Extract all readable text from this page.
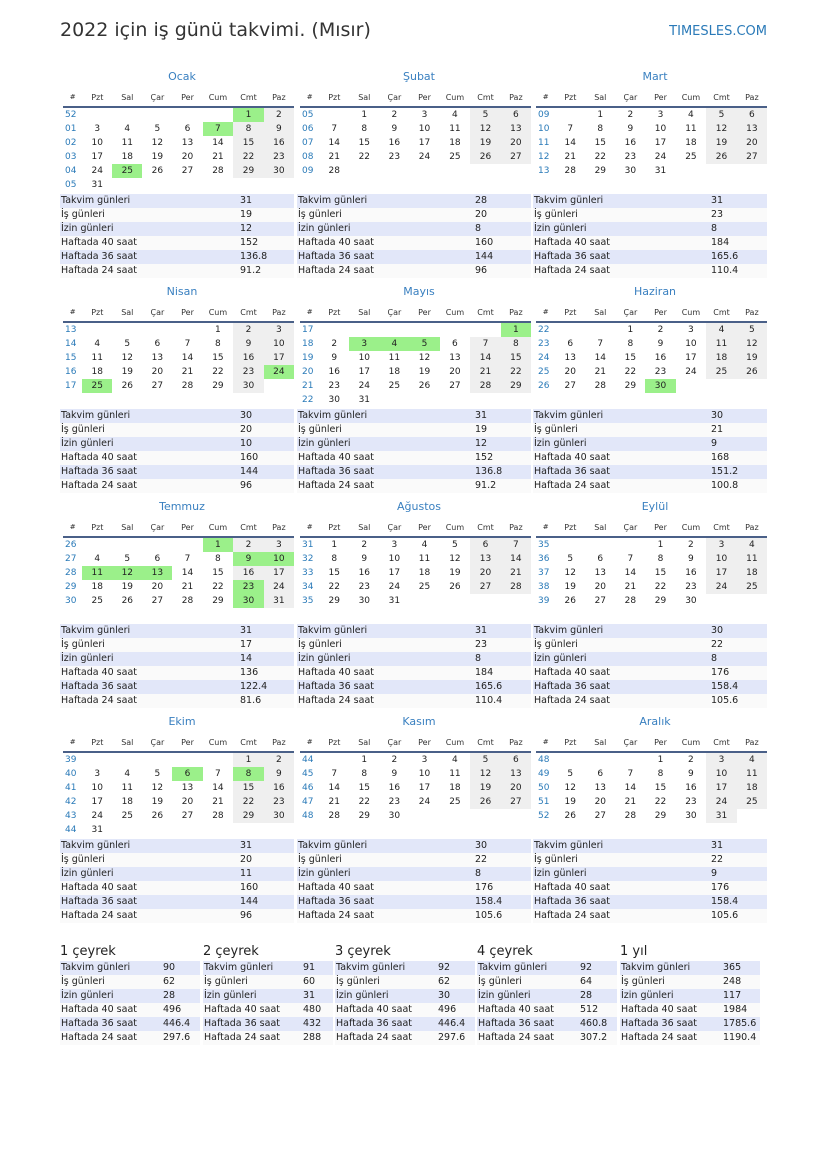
2022 için iş günü takvimi. (Mısır)	TIMESLES.COM
Ocak
#	Pzt	Sal	Çar	Per	Cum	Cmt	Paz
52						1	2
01	3	4	5	6	7	8	9
02	10	11	12	13	14	15	16
03	17	18	19	20	21	22	23
04	24	25	26	27	28	29	30
05	31						
Takvim günleri	31
İş günleri	19
İzin günleri	12
Haftada 40 saat	152
Haftada 36 saat	136.8
Haftada 24 saat	91.2
Şubat
#	Pzt	Sal	Çar	Per	Cum	Cmt	Paz
05		1	2	3	4	5	6
06	7	8	9	10	11	12	13
07	14	15	16	17	18	19	20
08	21	22	23	24	25	26	27
09	28						
Takvim günleri	28
İş günleri	20
İzin günleri	8
Haftada 40 saat	160
Haftada 36 saat	144
Haftada 24 saat	96
Mart
#	Pzt	Sal	Çar	Per	Cum	Cmt	Paz
09		1	2	3	4	5	6
10	7	8	9	10	11	12	13
11	14	15	16	17	18	19	20
12	21	22	23	24	25	26	27
13	28	29	30	31			
Takvim günleri	31
İş günleri	23
İzin günleri	8
Haftada 40 saat	184
Haftada 36 saat	165.6
Haftada 24 saat	110.4
Nisan
#	Pzt	Sal	Çar	Per	Cum	Cmt	Paz
13					1	2	3
14	4	5	6	7	8	9	10
15	11	12	13	14	15	16	17
16	18	19	20	21	22	23	24
17	25	26	27	28	29	30	
Takvim günleri	30
İş günleri	20
İzin günleri	10
Haftada 40 saat	160
Haftada 36 saat	144
Haftada 24 saat	96
Mayıs
#	Pzt	Sal	Çar	Per	Cum	Cmt	Paz
17							1
18	2	3	4	5	6	7	8
19	9	10	11	12	13	14	15
20	16	17	18	19	20	21	22
21	23	24	25	26	27	28	29
22	30	31					
Takvim günleri	31
İş günleri	19
İzin günleri	12
Haftada 40 saat	152
Haftada 36 saat	136.8
Haftada 24 saat	91.2
Haziran
#	Pzt	Sal	Çar	Per	Cum	Cmt	Paz
22			1	2	3	4	5
23	6	7	8	9	10	11	12
24	13	14	15	16	17	18	19
25	20	21	22	23	24	25	26
26	27	28	29	30			
Takvim günleri	30
İş günleri	21
İzin günleri	9
Haftada 40 saat	168
Haftada 36 saat	151.2
Haftada 24 saat	100.8
Temmuz
#	Pzt	Sal	Çar	Per	Cum	Cmt	Paz
26					1	2	3
27	4	5	6	7	8	9	10
28	11	12	13	14	15	16	17
29	18	19	20	21	22	23	24
30	25	26	27	28	29	30	31
Takvim günleri	31
İş günleri	17
İzin günleri	14
Haftada 40 saat	136
Haftada 36 saat	122.4
Haftada 24 saat	81.6
Ağustos
#	Pzt	Sal	Çar	Per	Cum	Cmt	Paz
31	1	2	3	4	5	6	7
32	8	9	10	11	12	13	14
33	15	16	17	18	19	20	21
34	22	23	24	25	26	27	28
35	29	30	31				
Takvim günleri	31
İş günleri	23
İzin günleri	8
Haftada 40 saat	184
Haftada 36 saat	165.6
Haftada 24 saat	110.4
Eylül
#	Pzt	Sal	Çar	Per	Cum	Cmt	Paz
35				1	2	3	4
36	5	6	7	8	9	10	11
37	12	13	14	15	16	17	18
38	19	20	21	22	23	24	25
39	26	27	28	29	30		
Takvim günleri	30
İş günleri	22
İzin günleri	8
Haftada 40 saat	176
Haftada 36 saat	158.4
Haftada 24 saat	105.6
Ekim
#	Pzt	Sal	Çar	Per	Cum	Cmt	Paz
39						1	2
40	3	4	5	6	7	8	9
41	10	11	12	13	14	15	16
42	17	18	19	20	21	22	23
43	24	25	26	27	28	29	30
44	31						
Takvim günleri	31
İş günleri	20
İzin günleri	11
Haftada 40 saat	160
Haftada 36 saat	144
Haftada 24 saat	96
Kasım
#	Pzt	Sal	Çar	Per	Cum	Cmt	Paz
44		1	2	3	4	5	6
45	7	8	9	10	11	12	13
46	14	15	16	17	18	19	20
47	21	22	23	24	25	26	27
48	28	29	30				
Takvim günleri	30
İş günleri	22
İzin günleri	8
Haftada 40 saat	176
Haftada 36 saat	158.4
Haftada 24 saat	105.6
Aralık
#	Pzt	Sal	Çar	Per	Cum	Cmt	Paz
48				1	2	3	4
49	5	6	7	8	9	10	11
50	12	13	14	15	16	17	18
51	19	20	21	22	23	24	25
52	26	27	28	29	30	31	
Takvim günleri	31
İş günleri	22
İzin günleri	9
Haftada 40 saat	176
Haftada 36 saat	158.4
Haftada 24 saat	105.6
1 çeyrek
Takvim günleri	90
İş günleri	62
İzin günleri	28
Haftada 40 saat	496
Haftada 36 saat	446.4
Haftada 24 saat	297.6
2 çeyrek
Takvim günleri	91
İş günleri	60
İzin günleri	31
Haftada 40 saat 480
Haftada 36 saat 432
Haftada 24 saat 288
3 çeyrek
Takvim günleri	92
İş günleri	62
İzin günleri	30
Haftada 40 saat	496
Haftada 36 saat	446.4
Haftada 24 saat	297.6
4 çeyrek
Takvim günleri	92
İş günleri	64
İzin günleri	28
Haftada 40 saat	512
Haftada 36 saat	460.8
Haftada 24 saat	307.2
1 yıl
Takvim günleri	365
İş günleri	248
İzin günleri	117
Haftada 40 saat	1984
Haftada 36 saat	1785.6
Haftada 24 saat	1190.4
